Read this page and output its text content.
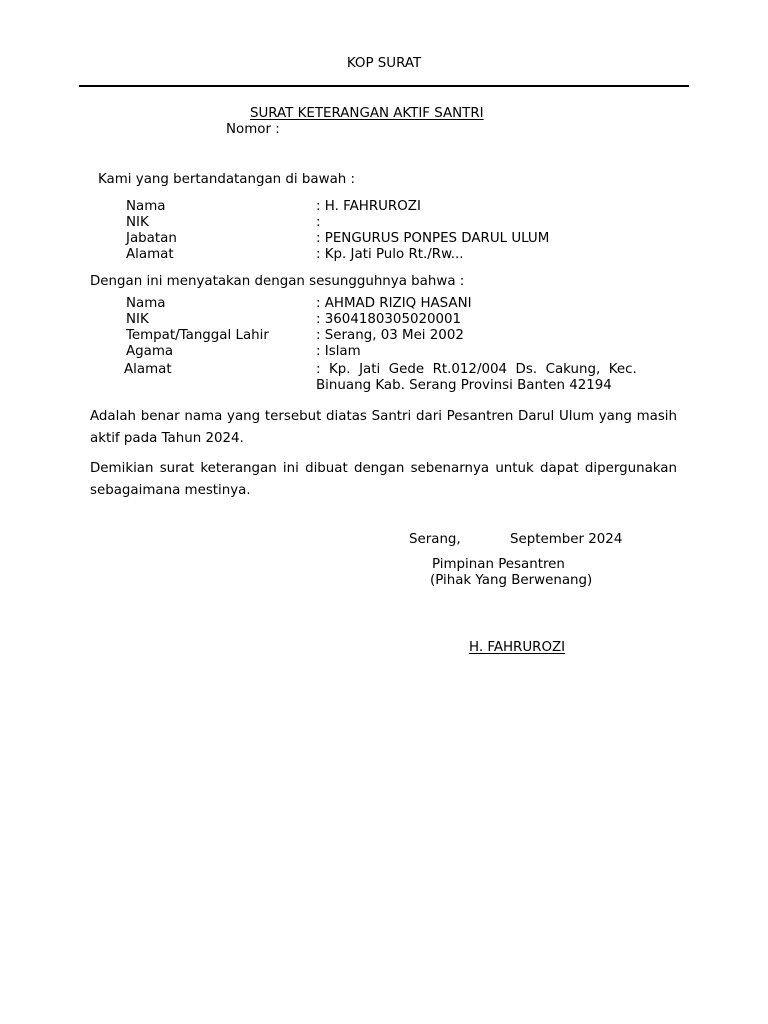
KOP SURAT
SURAT KETERANGAN AKTIF SANTRI
Nomor :
Kami yang bertandatangan di bawah :
Nama	: H. FAHRUROZI
NIK	:
Jabatan	: PENGURUS PONPES DARUL ULUM
Alamat	: Kp. Jati Pulo Rt./Rw...
Dengan ini menyatakan dengan sesungguhnya bahwa :
Nama	: AHMAD RIZIQ HASANI
NIK	: 3604180305020001
Tempat/Tanggal Lahir	: Serang, 03 Mei 2002
Agama	: Islam
Alamat	:  Kp.  Jati  Gede  Rt.012/004  Ds.  Cakung,  Kec.
Binuang Kab. Serang Provinsi Banten 42194
Adalah benar nama yang tersebut diatas Santri dari Pesantren Darul Ulum yang masih aktif pada Tahun 2024.
Demikian surat keterangan ini dibuat dengan sebenarnya untuk dapat dipergunakan sebagaimana mestinya.
Serang,	September 2024
Pimpinan Pesantren
(Pihak Yang Berwenang)
H. FAHRUROZI
